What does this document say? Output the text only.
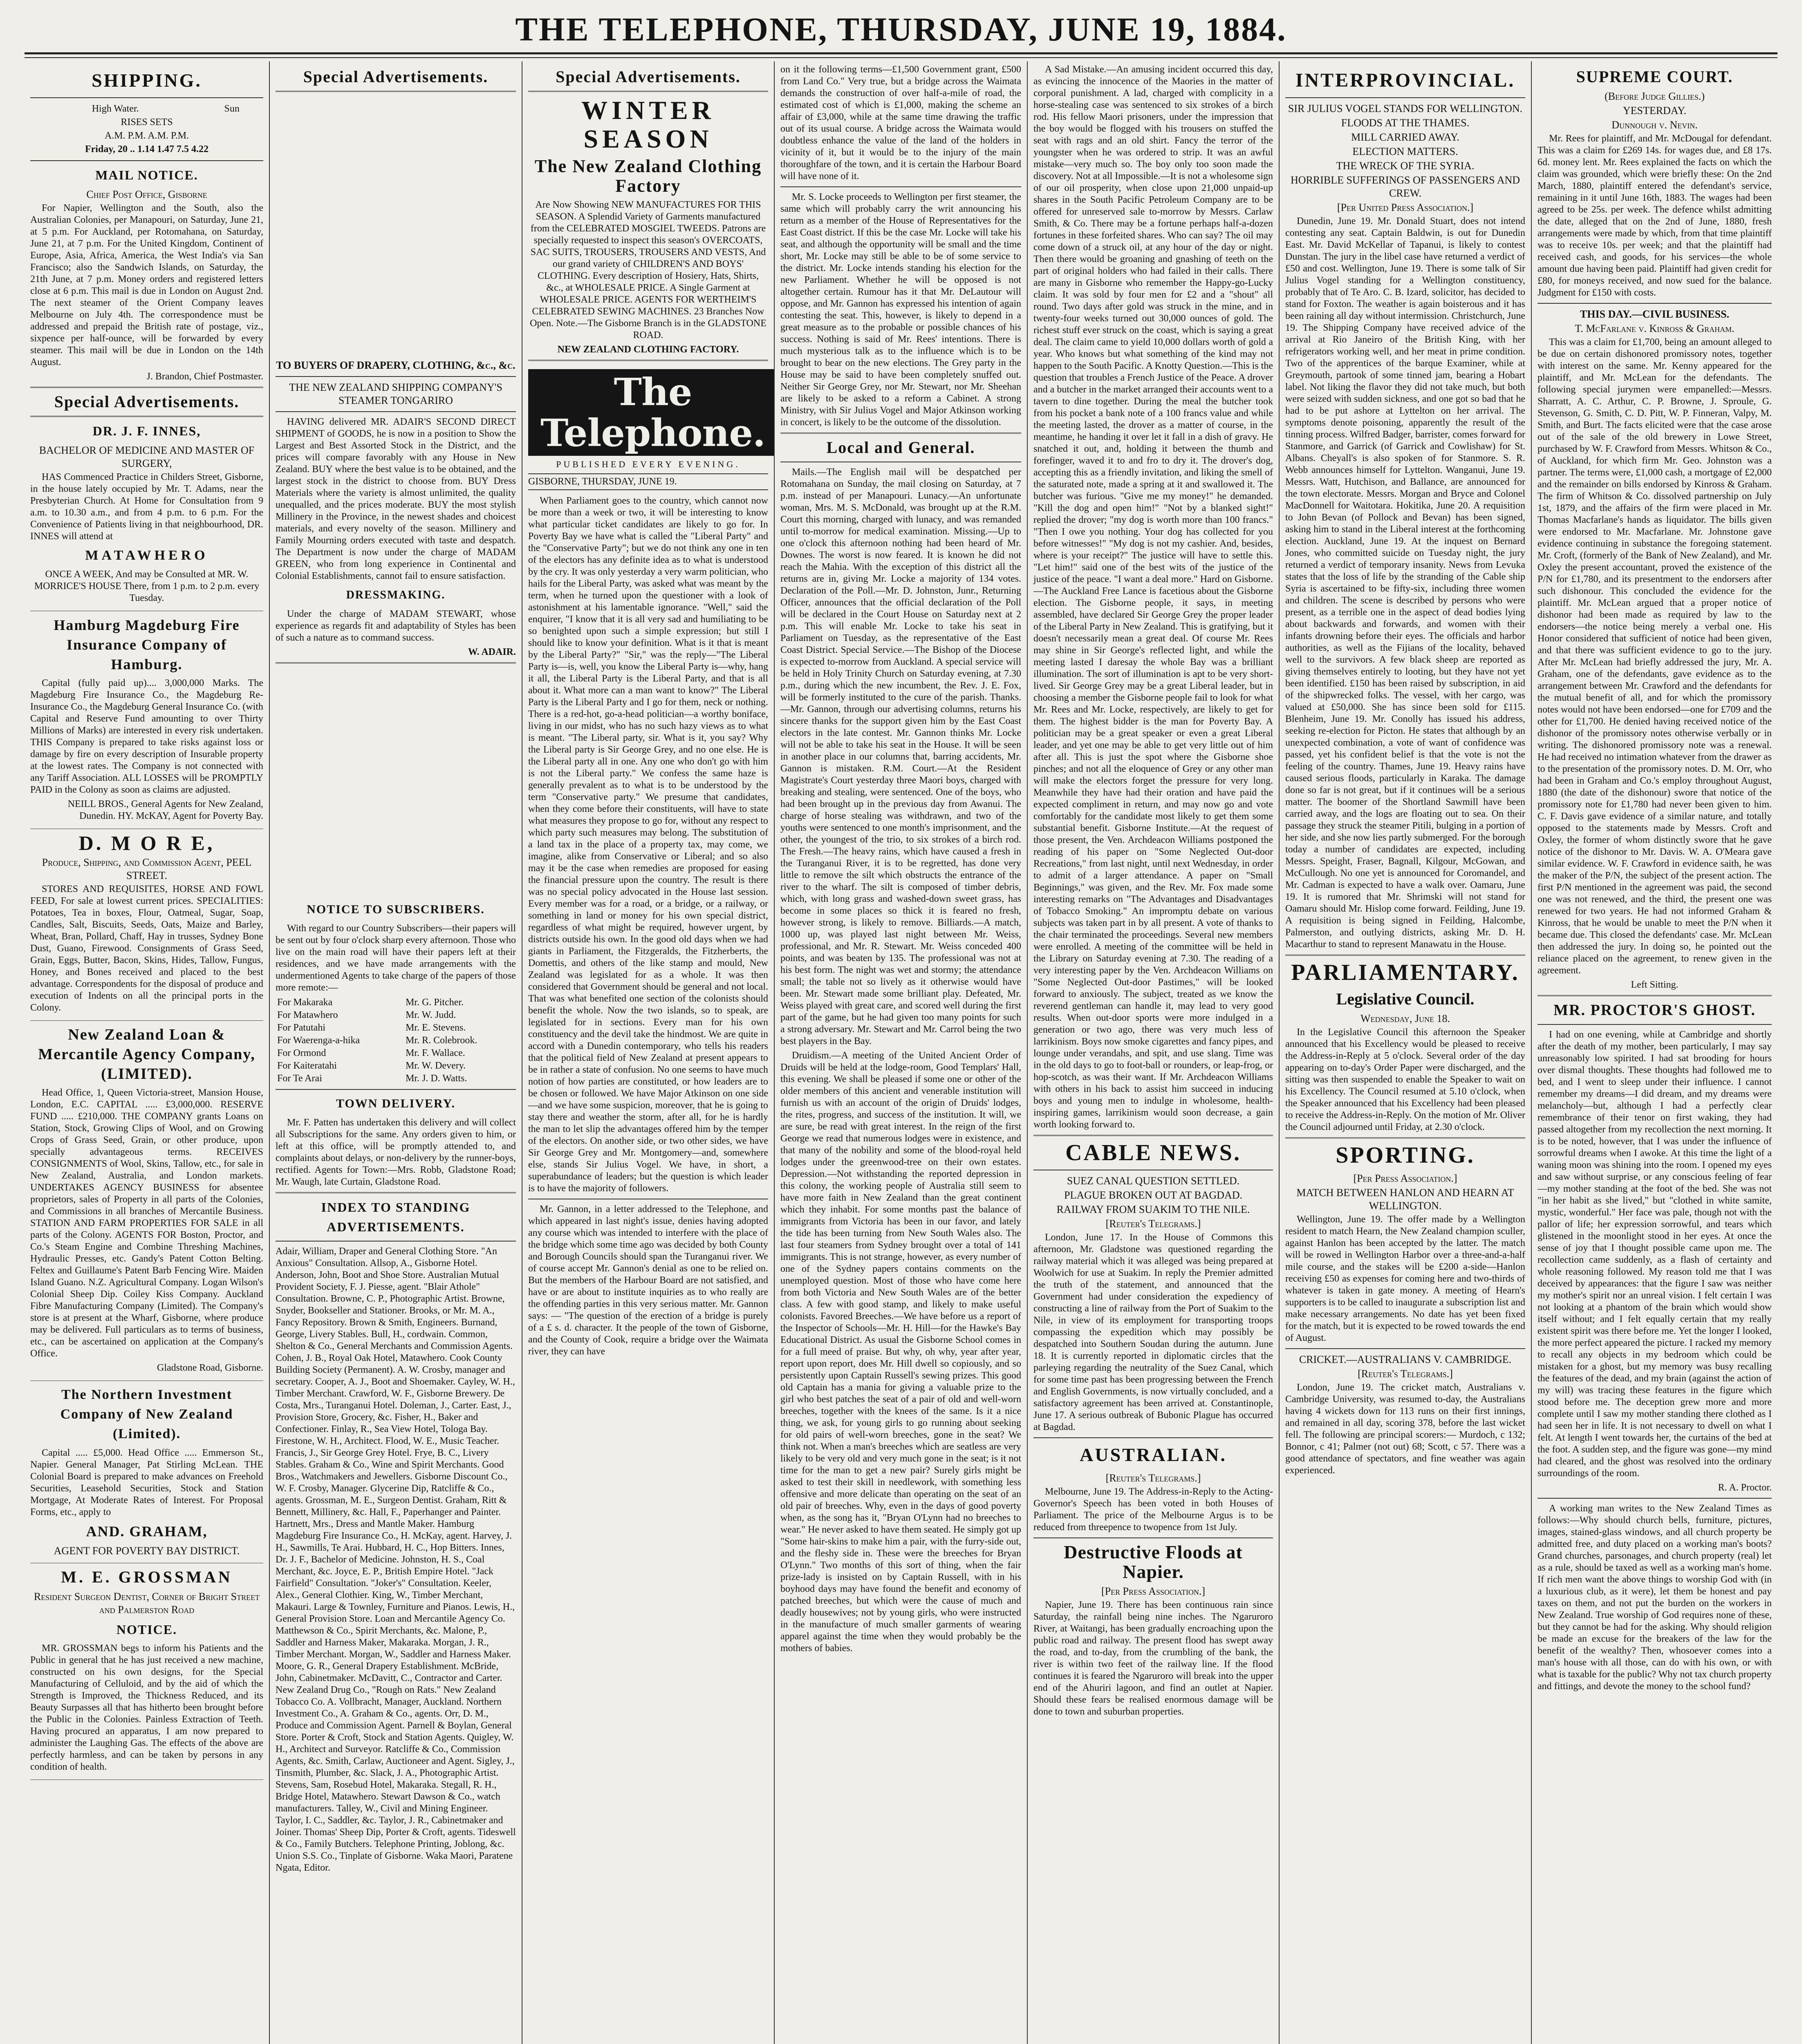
THE TELEPHONE, THURSDAY, JUNE 19, 1884.
SHIPPING.
High Water.	Sun
RISES SETS
A.M. P.M. A.M. P.M.
Friday, 20 .. 1.14 1.47 7.5 4.22
MAIL NOTICE.
Chief Post Office, Gisborne

For Napier, Wellington and the South, also the Australian Colonies, per Manapouri, on Saturday, June 21, at 5 p.m. For Auckland, per Rotomahana, on Saturday, June 21, at 7 p.m. For the United Kingdom, Continent of Europe, Asia, Africa, America, the West India's via San Francisco; also the Sandwich Islands, on Saturday, the 21th June, at 7 p.m. Money orders and registered letters close at 6 p.m. This mail is due in London on August 2nd. The next steamer of the Orient Company leaves Melbourne on July 4th. The correspondence must be addressed and prepaid the British rate of postage, viz., sixpence per half-ounce, will be forwarded by every steamer. This mail will be due in London on the 14th August.

J. Brandon, Chief Postmaster.

Special Advertisements.
DR. J. F. INNES,
BACHELOR OF MEDICINE AND MASTER OF SURGERY,

HAS Commenced Practice in Childers Street, Gisborne, in the house lately occupied by Mr. T. Adams, near the Presbyterian Church. At Home for Consultation from 9 a.m. to 10.30 a.m., and from 4 p.m. to 6 p.m. For the Convenience of Patients living in that neighbourhood, DR. INNES will attend at

MATAWHERO

ONCE A WEEK, And may be Consulted at MR. W. MORRICE'S HOUSE There, from 1 p.m. to 2 p.m. every Tuesday.

Hamburg Magdeburg Fire Insurance Company of Hamburg.

Capital (fully paid up).... 3,000,000 Marks. The Magdeburg Fire Insurance Co., the Magdeburg Re-Insurance Co., the Magdeburg General Insurance Co. (with Capital and Reserve Fund amounting to over Thirty Millions of Marks) are interested in every risk undertaken. THIS Company is prepared to take risks against loss or damage by fire on every description of Insurable property at the lowest rates. The Company is not connected with any Tariff Association. ALL LOSSES will be PROMPTLY PAID in the Colony as soon as claims are adjusted.

NEILL BROS., General Agents for New Zealand, Dunedin. HY. McKAY, Agent for Poverty Bay.

D. M O R E,
Produce, Shipping, and Commission Agent, PEEL STREET.

STORES AND REQUISITES, HORSE AND FOWL FEED, For sale at lowest current prices. SPECIALITIES: Potatoes, Tea in boxes, Flour, Oatmeal, Sugar, Soap, Candles, Salt, Biscuits, Seeds, Oats, Maize and Barley, Wheat, Bran, Pollard, Chaff, Hay in trusses, Sydney Bone Dust, Guano, Firewood. Consignments of Grass Seed, Grain, Eggs, Butter, Bacon, Skins, Hides, Tallow, Fungus, Honey, and Bones received and placed to the best advantage. Correspondents for the disposal of produce and execution of Indents on all the principal ports in the Colony.

New Zealand Loan & Mercantile Agency Company, (LIMITED).

Head Office, 1, Queen Victoria-street, Mansion House, London, E.C. CAPITAL ..... £3,000,000. RESERVE FUND ..... £210,000. THE COMPANY grants Loans on Station, Stock, Growing Clips of Wool, and on Growing Crops of Grass Seed, Grain, or other produce, upon specially advantageous terms. RECEIVES CONSIGNMENTS of Wool, Skins, Tallow, etc., for sale in New Zealand, Australia, and London markets. UNDERTAKES AGENCY BUSINESS for absentee proprietors, sales of Property in all parts of the Colonies, and Commissions in all branches of Mercantile Business. STATION AND FARM PROPERTIES FOR SALE in all parts of the Colony. AGENTS FOR Boston, Proctor, and Co.'s Steam Engine and Combine Threshing Machines, Hydraulic Presses, etc. Gandy's Patent Cotton Belting. Feltex and Guillaume's Patent Barb Fencing Wire. Maiden Island Guano. N.Z. Agricultural Company. Logan Wilson's Colonial Sheep Dip. Coiley Kiss Company. Auckland Fibre Manufacturing Company (Limited). The Company's store is at present at the Wharf, Gisborne, where produce may be delivered. Full particulars as to terms of business, etc., can be ascertained on application at the Company's Office.

Gladstone Road, Gisborne.

The Northern Investment Company of New Zealand (Limited).

Capital ..... £5,000. Head Office ..... Emmerson St., Napier. General Manager, Pat Stirling McLean. THE Colonial Board is prepared to make advances on Freehold Securities, Leasehold Securities, Stock and Station Mortgage, At Moderate Rates of Interest. For Proposal Forms, etc., apply to

AND. GRAHAM,
AGENT FOR POVERTY BAY DISTRICT.
M. E. GROSSMAN
Resident Surgeon Dentist, Corner of Bright Street and Palmerston Road
NOTICE.

MR. GROSSMAN begs to inform his Patients and the Public in general that he has just received a new machine, constructed on his own designs, for the Special Manufacturing of Celluloid, and by the aid of which the Strength is Improved, the Thickness Reduced, and its Beauty Surpasses all that has hitherto been brought before the Public in the Colonies. Painless Extraction of Teeth. Having procured an apparatus, I am now prepared to administer the Laughing Gas. The effects of the above are perfectly harmless, and can be taken by persons in any condition of health.

Special Advertisements.
TO BUYERS OF DRAPERY, CLOTHING, &c., &c.
THE NEW ZEALAND SHIPPING COMPANY'S STEAMER TONGARIRO

HAVING delivered MR. ADAIR'S SECOND DIRECT SHIPMENT of GOODS, he is now in a position to Show the Largest and Best Assorted Stock in the District, and the prices will compare favorably with any House in New Zealand. BUY where the best value is to be obtained, and the largest stock in the district to choose from. BUY Dress Materials where the variety is almost unlimited, the quality unequalled, and the prices moderate. BUY the most stylish Millinery in the Province, in the newest shades and choicest materials, and every novelty of the season. Millinery and Family Mourning orders executed with taste and despatch. The Department is now under the charge of MADAM GREEN, who from long experience in Continental and Colonial Establishments, cannot fail to ensure satisfaction.

DRESSMAKING.

Under the charge of MADAM STEWART, whose experience as regards fit and adaptability of Styles has been of such a nature as to command success.

W. ADAIR.

NOTICE TO SUBSCRIBERS.

With regard to our Country Subscribers—their papers will be sent out by four o'clock sharp every afternoon. Those who live on the main road will have their papers left at their residences, and we have made arrangements with the undermentioned Agents to take charge of the papers of those more remote:—

For Makaraka	Mr. G. Pitcher.
For Matawhero	Mr. W. Judd.
For Patutahi	Mr. E. Stevens.
For Waerenga-a-hika	Mr. R. Colebrook.
For Ormond	Mr. F. Wallace.
For Kaiteratahi	Mr. W. Devery.
For Te Arai	Mr. J. D. Watts.
TOWN DELIVERY.

Mr. F. Patten has undertaken this delivery and will collect all Subscriptions for the same. Any orders given to him, or left at this office, will be promptly attended to, and complaints about delays, or non-delivery by the runner-boys, rectified. Agents for Town:—Mrs. Robb, Gladstone Road; Mr. Waugh, late Curtain, Gladstone Road.

INDEX TO STANDING ADVERTISEMENTS.

Adair, William, Draper and General Clothing Store. "An Anxious" Consultation. Allsop, A., Gisborne Hotel. Anderson, John, Boot and Shoe Store. Australian Mutual Provident Society, F. J. Piesse, agent. "Blair Athole" Consultation. Browne, C. P., Photographic Artist. Browne, Snyder, Bookseller and Stationer. Brooks, or Mr. M. A., Fancy Repository. Brown & Smith, Engineers. Burnand, George, Livery Stables. Bull, H., cordwain. Common, Shelton & Co., General Merchants and Commission Agents. Cohen, J. B., Royal Oak Hotel, Matawhero. Cook County Building Society (Permanent). A. W. Crosby, manager and secretary. Cooper, A. J., Boot and Shoemaker. Cayley, W. H., Timber Merchant. Crawford, W. F., Gisborne Brewery. De Costa, Mrs., Turanganui Hotel. Doleman, J., Carter. East, J., Provision Store, Grocery, &c. Fisher, H., Baker and Confectioner. Finlay, R., Sea View Hotel, Tologa Bay. Firestone, W. H., Architect. Flood, W. E., Music Teacher. Francis, J., Sir George Grey Hotel. Frye, B. C., Livery Stables. Graham & Co., Wine and Spirit Merchants. Good Bros., Watchmakers and Jewellers. Gisborne Discount Co., W. F. Crosby, Manager. Glycerine Dip, Ratcliffe & Co., agents. Grossman, M. E., Surgeon Dentist. Graham, Ritt & Bennett, Millinery, &c. Hall, F., Paperhanger and Painter. Hartnett, Mrs., Dress and Mantle Maker. Hamburg Magdeburg Fire Insurance Co., H. McKay, agent. Harvey, J. H., Sawmills, Te Arai. Hubbard, H. C., Hop Bitters. Innes, Dr. J. F., Bachelor of Medicine. Johnston, H. S., Coal Merchant, &c. Joyce, E. P., British Empire Hotel. "Jack Fairfield" Consultation. "Joker's" Consultation. Keeler, Alex., General Clothier. King, W., Timber Merchant, Makauri. Large & Townley, Furniture and Pianos. Lewis, H., General Provision Store. Loan and Mercantile Agency Co. Matthewson & Co., Spirit Merchants, &c. Malone, P., Saddler and Harness Maker, Makaraka. Morgan, J. R., Timber Merchant. Morgan, W., Saddler and Harness Maker. Moore, G. R., General Drapery Establishment. McBride, John, Cabinetmaker. McDavitt, C., Contractor and Carter. New Zealand Drug Co., "Rough on Rats." New Zealand Tobacco Co. A. Vollbracht, Manager, Auckland. Northern Investment Co., A. Graham & Co., agents. Orr, D. M., Produce and Commission Agent. Parnell & Boylan, General Store. Porter & Croft, Stock and Station Agents. Quigley, W. H., Architect and Surveyor. Ratcliffe & Co., Commission Agents, &c. Smith, Carlaw, Auctioneer and Agent. Sigley, J., Tinsmith, Plumber, &c. Slack, J. A., Photographic Artist. Stevens, Sam, Rosebud Hotel, Makaraka. Stegall, R. H., Bridge Hotel, Matawhero. Stewart Dawson & Co., watch manufacturers. Talley, W., Civil and Mining Engineer. Taylor, I. C., Saddler, &c. Taylor, J. R., Cabinetmaker and Joiner. Thomas' Sheep Dip, Porter & Croft, agents. Tideswell & Co., Family Butchers. Telephone Printing, Joblong, &c. Union S.S. Co., Tinplate of Gisborne. Waka Maori, Paratene Ngata, Editor.

Special Advertisements.
WINTER SEASON
The New Zealand Clothing Factory

Are Now Showing NEW MANUFACTURES FOR THIS SEASON. A Splendid Variety of Garments manufactured from the CELEBRATED MOSGIEL TWEEDS. Patrons are specially requested to inspect this season's OVERCOATS, SAC SUITS, TROUSERS, TROUSERS AND VESTS, And our grand variety of CHILDREN'S AND BOYS' CLOTHING. Every description of Hosiery, Hats, Shirts, &c., at WHOLESALE PRICE. A Single Garment at WHOLESALE PRICE. AGENTS FOR WERTHEIM'S CELEBRATED SEWING MACHINES. 23 Branches Now Open. Note.—The Gisborne Branch is in the GLADSTONE ROAD.

NEW ZEALAND CLOTHING FACTORY.

The Telephone.
PUBLISHED EVERY EVENING.
GISBORNE, THURSDAY, JUNE 19.

When Parliament goes to the country, which cannot now be more than a week or two, it will be interesting to know what particular ticket candidates are likely to go for. In Poverty Bay we have what is called the "Liberal Party" and the "Conservative Party"; but we do not think any one in ten of the electors has any definite idea as to what is understood by the cry. It was only yesterday a very warm politician, who hails for the Liberal Party, was asked what was meant by the term, when he turned upon the questioner with a look of astonishment at his lamentable ignorance. "Well," said the enquirer, "I know that it is all very sad and humiliating to be so benighted upon such a simple expression; but still I should like to know your definition. What is it that is meant by the Liberal Party?" "Sir," was the reply—"The Liberal Party is—is, well, you know the Liberal Party is—why, hang it all, the Liberal Party is the Liberal Party, and that is all about it. What more can a man want to know?" The Liberal Party is the Liberal Party and I go for them, neck or nothing. There is a red-hot, go-a-head politician—a worthy boniface, living in our midst, who has no such hazy views as to what is meant. "The Liberal party, sir. What is it, you say? Why the Liberal party is Sir George Grey, and no one else. He is the Liberal party all in one. Any one who don't go with him is not the Liberal party." We confess the same haze is generally prevalent as to what is to be understood by the term "Conservative party." We presume that candidates, when they come before their constituents, will have to state what measures they propose to go for, without any respect to which party such measures may belong. The substitution of a land tax in the place of a property tax, may come, we imagine, alike from Conservative or Liberal; and so also may it be the case when remedies are proposed for easing the financial pressure upon the country. The result is there was no special policy advocated in the House last session. Every member was for a road, or a bridge, or a railway, or something in land or money for his own special district, regardless of what might be required, however urgent, by districts outside his own. In the good old days when we had giants in Parliament, the Fitzgeralds, the Fitzherberts, the Domettis, and others of the like stamp and mould, New Zealand was legislated for as a whole. It was then considered that Government should be general and not local. That was what benefited one section of the colonists should benefit the whole. Now the two islands, so to speak, are legislated for in sections. Every man for his own constituency and the devil take the hindmost. We are quite in accord with a Dunedin contemporary, who tells his readers that the political field of New Zealand at present appears to be in rather a state of confusion. No one seems to have much notion of how parties are constituted, or how leaders are to be chosen or followed. We have Major Atkinson on one side—and we have some suspicion, moreover, that he is going to stay there and weather the storm, after all, for he is hardly the man to let slip the advantages offered him by the temper of the electors. On another side, or two other sides, we have Sir George Grey and Mr. Montgomery—and, somewhere else, stands Sir Julius Vogel. We have, in short, a superabundance of leaders; but the question is which leader is to have the majority of followers.

Mr. Gannon, in a letter addressed to the Telephone, and which appeared in last night's issue, denies having adopted any course which was intended to interfere with the place of the bridge which some time ago was decided by both County and Borough Councils should span the Turanganui river. We of course accept Mr. Gannon's denial as one to be relied on. But the members of the Harbour Board are not satisfied, and have or are about to institute inquiries as to who really are the offending parties in this very serious matter. Mr. Gannon says: — "The question of the erection of a bridge is purely of a £ s. d. character. It the people of the town of Gisborne, and the County of Cook, require a bridge over the Waimata river, they can have

on it the following terms—£1,500 Government grant, £500 from Land Co." Very true, but a bridge across the Waimata demands the construction of over half-a-mile of road, the estimated cost of which is £1,000, making the scheme an affair of £3,000, while at the same time drawing the traffic out of its usual course. A bridge across the Waimata would doubtless enhance the value of the land of the holders in vicinity of it, but it would be to the injury of the main thoroughfare of the town, and it is certain the Harbour Board will have none of it.

Mr. S. Locke proceeds to Wellington per first steamer, the same which will probably carry the writ announcing his return as a member of the House of Representatives for the East Coast district. If this be the case Mr. Locke will take his seat, and although the opportunity will be small and the time short, Mr. Locke may still be able to be of some service to the district. Mr. Locke intends standing his election for the new Parliament. Whether he will be opposed is not altogether certain. Rumour has it that Mr. DeLautour will oppose, and Mr. Gannon has expressed his intention of again contesting the seat. This, however, is likely to depend in a great measure as to the probable or possible chances of his success. Nothing is said of Mr. Rees' intentions. There is much mysterious talk as to the influence which is to be brought to bear on the new elections. The Grey party in the House may be said to have been completely snuffed out. Neither Sir George Grey, nor Mr. Stewart, nor Mr. Sheehan are likely to be asked to a reform a Cabinet. A strong Ministry, with Sir Julius Vogel and Major Atkinson working in concert, is likely to be the outcome of the dissolution.

Local and General.

Mails.—The English mail will be despatched per Rotomahana on Sunday, the mail closing on Saturday, at 7 p.m. instead of per Manapouri. Lunacy.—An unfortunate woman, Mrs. M. S. McDonald, was brought up at the R.M. Court this morning, charged with lunacy, and was remanded until to-morrow for medical examination. Missing.—Up to one o'clock this afternoon nothing had been heard of Mr. Downes. The worst is now feared. It is known he did not reach the Mahia. With the exception of this district all the returns are in, giving Mr. Locke a majority of 134 votes. Declaration of the Poll.—Mr. D. Johnston, Junr., Returning Officer, announces that the official declaration of the Poll will be declared in the Court House on Saturday next at 2 p.m. This will enable Mr. Locke to take his seat in Parliament on Tuesday, as the representative of the East Coast District. Special Service.—The Bishop of the Diocese is expected to-morrow from Auckland. A special service will be held in Holy Trinity Church on Saturday evening, at 7.30 p.m., during which the new incumbent, the Rev. J. E. Fox, will be formerly instituted to the cure of the parish. Thanks.—Mr. Gannon, through our advertising columns, returns his sincere thanks for the support given him by the East Coast electors in the late contest. Mr. Gannon thinks Mr. Locke will not be able to take his seat in the House. It will be seen in another place in our columns that, barring accidents, Mr. Gannon is mistaken. R.M. Court.—At the Resident Magistrate's Court yesterday three Maori boys, charged with breaking and stealing, were sentenced. One of the boys, who had been brought up in the previous day from Awanui. The charge of horse stealing was withdrawn, and two of the youths were sentenced to one month's imprisonment, and the other, the youngest of the trio, to six strokes of a birch rod. The Fresh.—The heavy rains, which have caused a fresh in the Turanganui River, it is to be regretted, has done very little to remove the silt which obstructs the entrance of the river to the wharf. The silt is composed of timber debris, which, with long grass and washed-down sweet grass, has become in some places so thick it is feared no fresh, however strong, is likely to remove. Billiards.—A match, 1000 up, was played last night between Mr. Weiss, professional, and Mr. R. Stewart. Mr. Weiss conceded 400 points, and was beaten by 135. The professional was not at his best form. The night was wet and stormy; the attendance small; the table not so lively as it otherwise would have been. Mr. Stewart made some brilliant play. Defeated, Mr. Weiss played with great care, and scored well during the first part of the game, but he had given too many points for such a strong adversary. Mr. Stewart and Mr. Carrol being the two best players in the Bay.

Druidism.—A meeting of the United Ancient Order of Druids will be held at the lodge-room, Good Templars' Hall, this evening. We shall be pleased if some one or other of the older members of this ancient and venerable institution will furnish us with an account of the origin of Druids' lodges, the rites, progress, and success of the institution. It will, we are sure, be read with great interest. In the reign of the first George we read that numerous lodges were in existence, and that many of the nobility and some of the blood-royal held lodges under the greenwood-tree on their own estates. Depression.—Not withstanding the reported depression in this colony, the working people of Australia still seem to have more faith in New Zealand than the great continent which they inhabit. For some months past the balance of immigrants from Victoria has been in our favor, and lately the tide has been turning from New South Wales also. The last four steamers from Sydney brought over a total of 141 immigrants. This is not strange, however, as every number of one of the Sydney papers contains comments on the unemployed question. Most of those who have come here from both Victoria and New South Wales are of the better class. A few with good stamp, and likely to make useful colonists. Favored Breeches.—We have before us a report of the Inspector of Schools—Mr. H. Hill—for the Hawke's Bay Educational District. As usual the Gisborne School comes in for a full meed of praise. But why, oh why, year after year, report upon report, does Mr. Hill dwell so copiously, and so persistently upon Captain Russell's sewing prizes. This good old Captain has a mania for giving a valuable prize to the girl who best patches the seat of a pair of old and well-worn breeches, together with the knees of the same. Is it a nice thing, we ask, for young girls to go running about seeking for old pairs of well-worn breeches, gone in the seat? We think not. When a man's breeches which are seatless are very likely to be very old and very much gone in the seat; is it not time for the man to get a new pair? Surely girls might be asked to test their skill in needlework, with something less offensive and more delicate than operating on the seat of an old pair of breeches. Why, even in the days of good poverty when, as the song has it, "Bryan O'Lynn had no breeches to wear." He never asked to have them seated. He simply got up "Some hair-skins to make him a pair, with the furry-side out, and the fleshy side in. These were the breeches for Bryan O'Lynn." Two months of this sort of thing, when the fair prize-lady is insisted on by Captain Russell, with in his boyhood days may have found the benefit and economy of patched breeches, but which were the cause of much and deadly housewives; not by young girls, who were instructed in the manufacture of much smaller garments of wearing apparel against the time when they would probably be the mothers of babies.

A Sad Mistake.—An amusing incident occurred this day, as evincing the innocence of the Maories in the matter of corporal punishment. A lad, charged with complicity in a horse-stealing case was sentenced to six strokes of a birch rod. His fellow Maori prisoners, under the impression that the boy would be flogged with his trousers on stuffed the seat with rags and an old shirt. Fancy the terror of the youngster when he was ordered to strip. It was an awful mistake—very much so. The boy only too soon made the discovery. Not at all Impossible.—It is not a wholesome sign of our oil prosperity, when close upon 21,000 unpaid-up shares in the South Pacific Petroleum Company are to be offered for unreserved sale to-morrow by Messrs. Carlaw Smith, & Co. There may be a fortune perhaps half-a-dozen fortunes in these forfeited shares. Who can say? The oil may come down of a struck oil, at any hour of the day or night. Then there would be groaning and gnashing of teeth on the part of original holders who had failed in their calls. There are many in Gisborne who remember the Happy-go-Lucky claim. It was sold by four men for £2 and a "shout" all round. Two days after gold was struck in the mine, and in twenty-four weeks turned out 30,000 ounces of gold. The richest stuff ever struck on the coast, which is saying a great deal. The claim came to yield 10,000 dollars worth of gold a year. Who knows but what something of the kind may not happen to the South Pacific. A Knotty Question.—This is the question that troubles a French Justice of the Peace. A drover and a butcher in the market arranged their accounts went to a tavern to dine together. During the meal the butcher took from his pocket a bank note of a 100 francs value and while the meeting lasted, the drover as a matter of course, in the meantime, he handing it over let it fall in a dish of gravy. He snatched it out, and, holding it between the thumb and forefinger, waved it to and fro to dry it. The drover's dog, accepting this as a friendly invitation, and liking the smell of the saturated note, made a spring at it and swallowed it. The butcher was furious. "Give me my money!" he demanded. "Kill the dog and open him!" "Not by a blanked sight!" replied the drover; "my dog is worth more than 100 francs." "Then I owe you nothing. Your dog has collected for you before witnesses!" "My dog is not my cashier. And, besides, where is your receipt?" The justice will have to settle this. "Let him!" said one of the best wits of the justice of the justice of the peace. "I want a deal more." Hard on Gisborne.—The Auckland Free Lance is facetious about the Gisborne election. The Gisborne people, it says, in meeting assembled, have declared Sir George Grey the proper leader of the Liberal Party in New Zealand. This is gratifying, but it doesn't necessarily mean a great deal. Of course Mr. Rees may shine in Sir George's reflected light, and while the meeting lasted I daresay the whole Bay was a brilliant illumination. The sort of illumination is apt to be very short-lived. Sir George Grey may be a great Liberal leader, but in choosing a member the Gisborne people fail to look for what Mr. Rees and Mr. Locke, respectively, are likely to get for them. The highest bidder is the man for Poverty Bay. A politician may be a great speaker or even a great Liberal leader, and yet one may be able to get very little out of him after all. This is just the spot where the Gisborne shoe pinches; and not all the eloquence of Grey or any other man will make the electors forget the pressure for very long. Meanwhile they have had their oration and have paid the expected compliment in return, and may now go and vote comfortably for the candidate most likely to get them some substantial benefit. Gisborne Institute.—At the request of those present, the Ven. Archdeacon Williams postponed the reading of his paper on "Some Neglected Out-door Recreations," from last night, until next Wednesday, in order to admit of a larger attendance. A paper on "Small Beginnings," was given, and the Rev. Mr. Fox made some interesting remarks on "The Advantages and Disadvantages of Tobacco Smoking." An impromptu debate on various subjects was taken part in by all present. A vote of thanks to the chair terminated the proceedings. Several new members were enrolled. A meeting of the committee will be held in the Library on Saturday evening at 7.30. The reading of a very interesting paper by the Ven. Archdeacon Williams on "Some Neglected Out-door Pastimes," will be looked forward to anxiously. The subject, treated as we know the reverend gentleman can handle it, may lead to very good results. When out-door sports were more indulged in a generation or two ago, there was very much less of larrikinism. Boys now smoke cigarettes and fancy pipes, and lounge under verandahs, and spit, and use slang. Time was in the old days to go to foot-ball or rounders, or leap-frog, or hop-scotch, as was their want. If Mr. Archdeacon Williams with others in his back to assist him succeed in inducing boys and young men to indulge in wholesome, health-inspiring games, larrikinism would soon decrease, a gain worth looking forward to.

CABLE NEWS.
SUEZ CANAL QUESTION SETTLED.
PLAGUE BROKEN OUT AT BAGDAD.
RAILWAY FROM SUAKIM TO THE NILE.
[Reuter's Telegrams.]

London, June 17. In the House of Commons this afternoon, Mr. Gladstone was questioned regarding the railway material which it was alleged was being prepared at Woolwich for use at Suakim. In reply the Premier admitted the truth of the statement, and announced that the Government had under consideration the expediency of constructing a line of railway from the Port of Suakim to the Nile, in view of its employment for transporting troops compassing the expedition which may possibly be despatched into Southern Soudan during the autumn. June 18. It is currently reported in diplomatic circles that the parleying regarding the neutrality of the Suez Canal, which for some time past has been progressing between the French and English Governments, is now virtually concluded, and a satisfactory agreement has been arrived at. Constantinople, June 17. A serious outbreak of Bubonic Plague has occurred at Bagdad.

AUSTRALIAN.
[Reuter's Telegrams.]

Melbourne, June 19. The Address-in-Reply to the Acting-Governor's Speech has been voted in both Houses of Parliament. The price of the Melbourne Argus is to be reduced from threepence to twopence from 1st July.

Destructive Floods at Napier.
[Per Press Association.]

Napier, June 19. There has been continuous rain since Saturday, the rainfall being nine inches. The Ngaruroro River, at Waitangi, has been gradually encroaching upon the public road and railway. The present flood has swept away the road, and to-day, from the crumbling of the bank, the river is within two feet of the railway line. If the flood continues it is feared the Ngaruroro will break into the upper end of the Ahuriri lagoon, and find an outlet at Napier. Should these fears be realised enormous damage will be done to town and suburban properties.

INTERPROVINCIAL.
SIR JULIUS VOGEL STANDS FOR WELLINGTON.
FLOODS AT THE THAMES.
MILL CARRIED AWAY.
ELECTION MATTERS.
THE WRECK OF THE SYRIA.
HORRIBLE SUFFERINGS OF PASSENGERS AND CREW.
[Per United Press Association.]

Dunedin, June 19. Mr. Donald Stuart, does not intend contesting any seat. Captain Baldwin, is out for Dunedin East. Mr. David McKellar of Tapanui, is likely to contest Dunstan. The jury in the libel case have returned a verdict of £50 and cost. Wellington, June 19. There is some talk of Sir Julius Vogel standing for a Wellington constituency, probably that of Te Aro. C. B. Izard, solicitor, has decided to stand for Foxton. The weather is again boisterous and it has been raining all day without intermission. Christchurch, June 19. The Shipping Company have received advice of the arrival at Rio Janeiro of the British King, with her refrigerators working well, and her meat in prime condition. Two of the apprentices of the barque Examiner, while at Greymouth, partook of some tinned jam, bearing a Hobart label. Not liking the flavor they did not take much, but both were seized with sudden sickness, and one got so bad that he had to be put ashore at Lyttelton on her arrival. The symptoms denote poisoning, apparently the result of the tinning process. Wilfred Badger, barrister, comes forward for Stanmore, and Garrick (of Garrick and Cowlishaw) for St. Albans. Cheyall's is also spoken of for Stanmore. S. R. Webb announces himself for Lyttelton. Wanganui, June 19. Messrs. Watt, Hutchison, and Ballance, are announced for the town electorate. Messrs. Morgan and Bryce and Colonel MacDonnell for Waitotara. Hokitika, June 20. A requisition to John Bevan (of Pollock and Bevan) has been signed, asking him to stand in the Liberal interest at the forthcoming election. Auckland, June 19. At the inquest on Bernard Jones, who committed suicide on Tuesday night, the jury returned a verdict of temporary insanity. News from Levuka states that the loss of life by the stranding of the Cable ship Syria is ascertained to be fifty-six, including three women and children. The scene is described by persons who were present, as a terrible one in the aspect of dead bodies lying about backwards and forwards, and women with their infants drowning before their eyes. The officials and harbor authorities, as well as the Fijians of the locality, behaved well to the survivors. A few black sheep are reported as giving themselves entirely to looting, but they have not yet been identified. £150 has been raised by subscription, in aid of the shipwrecked folks. The vessel, with her cargo, was valued at £50,000. She has since been sold for £115. Blenheim, June 19. Mr. Conolly has issued his address, seeking re-election for Picton. He states that although by an unexpected combination, a vote of want of confidence was passed, yet his confident belief is that the vote is not the feeling of the country. Thames, June 19. Heavy rains have caused serious floods, particularly in Karaka. The damage done so far is not great, but if it continues will be a serious matter. The boomer of the Shortland Sawmill have been carried away, and the logs are floating out to sea. On their passage they struck the steamer Pitili, bulging in a portion of her side, and she now lies partly submerged. For the borough today a number of candidates are expected, including Messrs. Speight, Fraser, Bagnall, Kilgour, McGowan, and McCullough. No one yet is announced for Coromandel, and Mr. Cadman is expected to have a walk over. Oamaru, June 19. It is rumored that Mr. Shrimski will not stand for Oamaru should Mr. Hislop come forward. Feilding, June 19. A requisition is being signed in Feilding, Halcombe, Palmerston, and outlying districts, asking Mr. D. H. Macarthur to stand to represent Manawatu in the House.

PARLIAMENTARY.
Legislative Council.
Wednesday, June 18.

In the Legislative Council this afternoon the Speaker announced that his Excellency would be pleased to receive the Address-in-Reply at 5 o'clock. Several order of the day appearing on to-day's Order Paper were discharged, and the sitting was then suspended to enable the Speaker to wait on his Excellency. The Council resumed at 5.10 o'clock, when the Speaker announced that his Excellency had been pleased to receive the Address-in-Reply. On the motion of Mr. Oliver the Council adjourned until Friday, at 2.30 o'clock.

SPORTING.
[Per Press Association.]
MATCH BETWEEN HANLON AND HEARN AT WELLINGTON.

Wellington, June 19. The offer made by a Wellington resident to match Hearn, the New Zealand champion sculler, against Hanlon has been accepted by the latter. The match will be rowed in Wellington Harbor over a three-and-a-half mile course, and the stakes will be £200 a-side—Hanlon receiving £50 as expenses for coming here and two-thirds of whatever is taken in gate money. A meeting of Hearn's supporters is to be called to inaugurate a subscription list and make necessary arrangements. No date has yet been fixed for the match, but it is expected to be rowed towards the end of August.

CRICKET.—AUSTRALIANS V. CAMBRIDGE.
[Reuter's Telegrams.]

London, June 19. The cricket match, Australians v. Cambridge University, was resumed to-day, the Australians having 4 wickets down for 113 runs on their first innings, and remained in all day, scoring 378, before the last wicket fell. The following are principal scorers:— Murdoch, c 132; Bonnor, c 41; Palmer (not out) 68; Scott, c 57. There was a good attendance of spectators, and fine weather was again experienced.

SUPREME COURT.
(Before Judge Gillies.)
YESTERDAY.
Dunnough v. Nevin.

Mr. Rees for plaintiff, and Mr. McDougal for defendant. This was a claim for £269 14s. for wages due, and £8 17s. 6d. money lent. Mr. Rees explained the facts on which the claim was grounded, which were briefly these: On the 2nd March, 1880, plaintiff entered the defendant's service, remaining in it until June 16th, 1883. The wages had been agreed to be 25s. per week. The defence whilst admitting the date, alleged that on the 2nd of June, 1880, fresh arrangements were made by which, from that time plaintiff was to receive 10s. per week; and that the plaintiff had received cash, and goods, for his services—the whole amount due having been paid. Plaintiff had given credit for £80, for moneys received, and now sued for the balance. Judgment for £150 with costs.

THIS DAY.—CIVIL BUSINESS.
T. McFarlane v. Kinross & Graham.

This was a claim for £1,700, being an amount alleged to be due on certain dishonored promissory notes, together with interest on the same. Mr. Kenny appeared for the plaintiff, and Mr. McLean for the defendants. The following special jurymen were empanelled:—Messrs. Sharratt, A. C. Arthur, C. P. Browne, J. Sproule, G. Stevenson, G. Smith, C. D. Pitt, W. P. Finneran, Valpy, M. Smith, and Burt. The facts elicited were that the case arose out of the sale of the old brewery in Lowe Street, purchased by W. F. Crawford from Messrs. Whitson & Co., of Auckland, for which firm Mr. Geo. Johnston was a partner. The terms were, £1,000 cash, a mortgage of £2,000 and the remainder on bills endorsed by Kinross & Graham. The firm of Whitson & Co. dissolved partnership on July 1st, 1879, and the affairs of the firm were placed in Mr. Thomas Macfarlane's hands as liquidator. The bills given were endorsed to Mr. Macfarlane. Mr. Johnstone gave evidence continuing in substance the foregoing statement. Mr. Croft, (formerly of the Bank of New Zealand), and Mr. Oxley the present accountant, proved the existence of the P/N for £1,780, and its presentment to the endorsers after such dishonour. This concluded the evidence for the plaintiff. Mr. McLean argued that a proper notice of dishonor had been made as required by law to the endorsers—the notice being merely a verbal one. His Honor considered that sufficient of notice had been given, and that there was sufficient evidence to go to the jury. After Mr. McLean had briefly addressed the jury, Mr. A. Graham, one of the defendants, gave evidence as to the arrangement between Mr. Crawford and the defendants for the mutual benefit of all, and for which the promissory notes would not have been endorsed—one for £709 and the other for £1,700. He denied having received notice of the dishonor of the promissory notes otherwise verbally or in writing. The dishonored promissory note was a renewal. He had received no intimation whatever from the drawer as to the presentation of the promissory notes. D. M. Orr, who had been in Graham and Co.'s employ throughout August, 1880 (the date of the dishonour) swore that notice of the promissory note for £1,780 had never been given to him. C. F. Davis gave evidence of a similar nature, and totally opposed to the statements made by Messrs. Croft and Oxley, the former of whom distinctly swore that he gave notice of the dishonor to Mr. Davis. W. A. O'Meara gave similar evidence. W. F. Crawford in evidence saith, he was the maker of the P/N, the subject of the present action. The first P/N mentioned in the agreement was paid, the second one was not renewed, and the third, the present one was renewed for two years. He had not informed Graham & Kinross, that he would be unable to meet the P/N when it became due. This closed the defendants' case. Mr. McLean then addressed the jury. In doing so, he pointed out the reliance placed on the agreement, to renew given in the agreement.

Left Sitting.

MR. PROCTOR'S GHOST.

I had on one evening, while at Cambridge and shortly after the death of my mother, been particularly, I may say unreasonably low spirited. I had sat brooding for hours over dismal thoughts. These thoughts had followed me to bed, and I went to sleep under their influence. I cannot remember my dreams—I did dream, and my dreams were melancholy—but, although I had a perfectly clear remembrance of their tenor on first waking, they had passed altogether from my recollection the next morning. It is to be noted, however, that I was under the influence of sorrowful dreams when I awoke. At this time the light of a waning moon was shining into the room. I opened my eyes and saw without surprise, or any conscious feeling of fear—my mother standing at the foot of the bed. She was not "in her habit as she lived," but "clothed in white samite, mystic, wonderful." Her face was pale, though not with the pallor of life; her expression sorrowful, and tears which glistened in the moonlight stood in her eyes. At once the sense of joy that I thought possible came upon me. The recollection came suddenly, as a flash of certainty and whole reasoning followed. My reason told me that I was deceived by appearances: that the figure I saw was neither my mother's spirit nor an unreal vision. I felt certain I was not looking at a phantom of the brain which would show itself without; and I felt equally certain that my really existent spirit was there before me. Yet the longer I looked, the more perfect appeared the picture. I racked my memory to recall any objects in my bedroom which could be mistaken for a ghost, but my memory was busy recalling the features of the dead, and my brain (against the action of my will) was tracing these features in the figure which stood before me. The deception grew more and more complete until I saw my mother standing there clothed as I had seen her in life. It is not necessary to dwell on what I felt. At length I went towards her, the curtains of the bed at the foot. A sudden step, and the figure was gone—my mind had cleared, and the ghost was resolved into the ordinary surroundings of the room.

R. A. Proctor.

A working man writes to the New Zealand Times as follows:—Why should church bells, furniture, pictures, images, stained-glass windows, and all church property be admitted free, and duty placed on a working man's boots? Grand churches, parsonages, and church property (real) let as a rule, should be taxed as well as a working man's home. If rich men want the above things to worship God with (in a luxurious club, as it were), let them be honest and pay taxes on them, and not put the burden on the workers in New Zealand. True worship of God requires none of these, but they cannot be had for the asking. Why should religion be made an excuse for the breakers of the law for the benefit of the wealthy? Then, whosoever comes into a man's house with all those, can do with his own, or with what is taxable for the public? Why not tax church property and fittings, and devote the money to the school fund?
